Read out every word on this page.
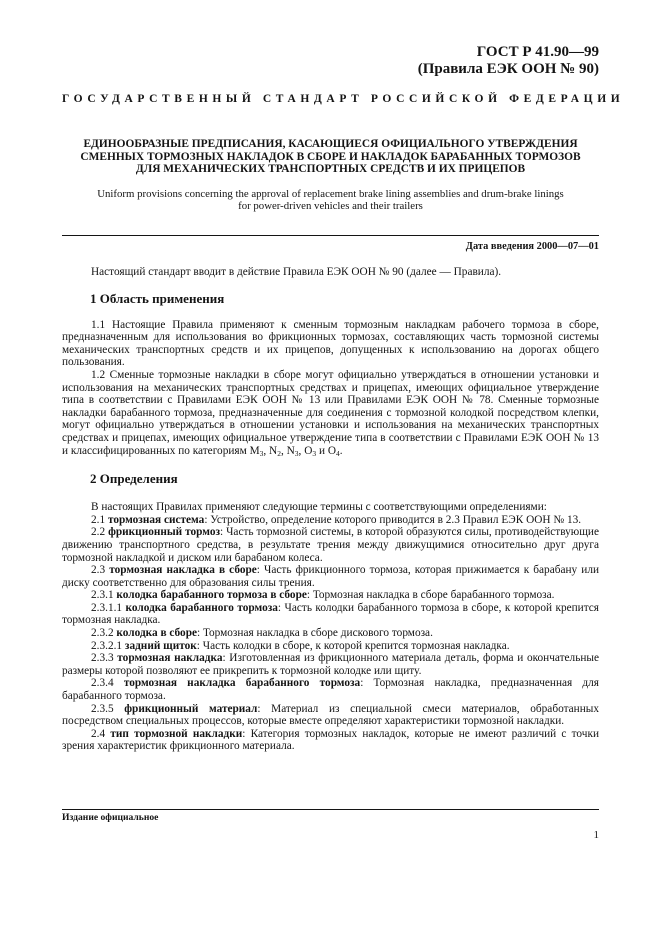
ГОСТ Р 41.90—99
(Правила ЕЭК ООН № 90)
ГОСУДАРСТВЕННЫЙ СТАНДАРТ РОССИЙСКОЙ ФЕДЕРАЦИИ
ЕДИНООБРАЗНЫЕ ПРЕДПИСАНИЯ, КАСАЮЩИЕСЯ ОФИЦИАЛЬНОГО УТВЕРЖДЕНИЯ
СМЕННЫХ ТОРМОЗНЫХ НАКЛАДОК В СБОРЕ И НАКЛАДОК БАРАБАННЫХ ТОРМОЗОВ
ДЛЯ МЕХАНИЧЕСКИХ ТРАНСПОРТНЫХ СРЕДСТВ И ИХ ПРИЦЕПОВ
Uniform provisions concerning the approval of replacement brake lining assemblies and drum-brake linings
for power-driven vehicles and their trailers
Дата введения 2000—07—01

Настоящий стандарт вводит в действие Правила ЕЭК ООН № 90 (далее — Правила).

1 Область применения

1.1 Настоящие Правила применяют к сменным тормозным накладкам рабочего тормоза в сборе, предназначенным для использования во фрикционных тормозах, составляющих часть тормозной системы механических транспортных средств и их прицепов, допущенных к использованию на дорогах общего пользования.

1.2 Сменные тормозные накладки в сборе могут официально утверждаться в отношении установки и использования на механических транспортных средствах и прицепах, имеющих официальное утверждение типа в соответствии с Правилами ЕЭК ООН № 13 или Правилами ЕЭК ООН № 78. Сменные тормозные накладки барабанного тормоза, предназначенные для соединения с тормозной колодкой посредством клепки, могут официально утверждаться в отношении установки и использования на механических транспортных средствах и прицепах, имеющих официальное утверждение типа в соответствии с Правилами ЕЭК ООН № 13 и классифицированных по категориям $M_3$, $N_2$, $N_3$, $O_3$ и $O_4$.

2 Определения

В настоящих Правилах применяют следующие термины с соответствующими определениями:

2.1 тормозная система: Устройство, определение которого приводится в 2.3 Правил ЕЭК ООН № 13.

2.2 фрикционный тормоз: Часть тормозной системы, в которой образуются силы, противодействующие движению транспортного средства, в результате трения между движущимися относительно друг друга тормозной накладкой и диском или барабаном колеса.

2.3 тормозная накладка в сборе: Часть фрикционного тормоза, которая прижимается к барабану или диску соответственно для образования силы трения.

2.3.1 колодка барабанного тормоза в сборе: Тормозная накладка в сборе барабанного тормоза.

2.3.1.1 колодка барабанного тормоза: Часть колодки барабанного тормоза в сборе, к которой крепится тормозная накладка.

2.3.2 колодка в сборе: Тормозная накладка в сборе дискового тормоза.

2.3.2.1 задний щиток: Часть колодки в сборе, к которой крепится тормозная накладка.

2.3.3 тормозная накладка: Изготовленная из фрикционного материала деталь, форма и окончательные размеры которой позволяют ее прикрепить к тормозной колодке или щиту.

2.3.4 тормозная накладка барабанного тормоза: Тормозная накладка, предназначенная для барабанного тормоза.

2.3.5 фрикционный материал: Материал из специальной смеси материалов, обработанных посредством специальных процессов, которые вместе определяют характеристики тормозной накладки.

2.4 тип тормозной накладки: Категория тормозных накладок, которые не имеют различий с точки зрения характеристик фрикционного материала.

Издание официальное
1
